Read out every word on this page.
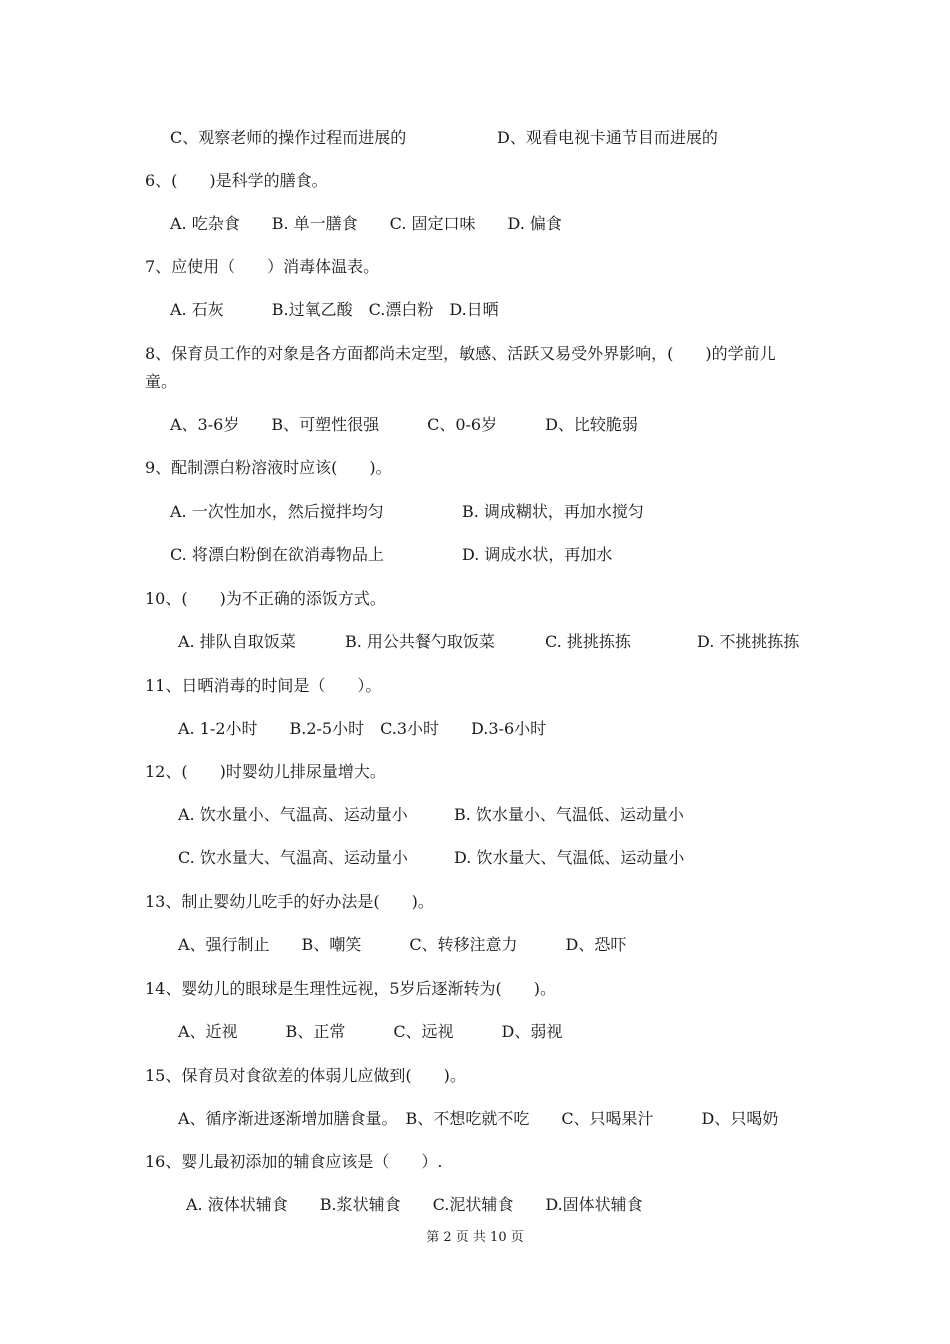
C、观察老师的操作过程而进展的	D、观看电视卡通节目而进展的
6、(　　)是科学的膳食。
A. 吃杂食　　B. 单一膳食　　C. 固定口味　　D. 偏食
7、应使用（　　）消毒体温表。
A. 石灰　　　B.过氧乙酸　C.漂白粉　D.日晒
8、保育员工作的对象是各方面都尚未定型，敏感、活跃又易受外界影响，(　　)的学前儿
童。
A、3-6岁　　B、可塑性很强　　　C、0-6岁　　　D、比较脆弱
9、配制漂白粉溶液时应该(　　)。
A. 一次性加水，然后搅拌均匀	B. 调成糊状，再加水搅匀
C. 将漂白粉倒在欲消毒物品上	D. 调成水状，再加水
10、(　　)为不正确的添饭方式。
A. 排队自取饭菜	B. 用公共餐勺取饭菜	C. 挑挑拣拣	D. 不挑挑拣拣
11、日晒消毒的时间是（　　）。
A. 1-2小时　　B.2-5小时　C.3小时　　D.3-6小时
12、(　　)时婴幼儿排尿量增大。
A. 饮水量小、气温高、运动量小	B. 饮水量小、气温低、运动量小
C. 饮水量大、气温高、运动量小	D. 饮水量大、气温低、运动量小
13、制止婴幼儿吃手的好办法是(　　)。
A、强行制止　　B、嘲笑　　　C、转移注意力　　　D、恐吓
14、婴幼儿的眼球是生理性远视，5岁后逐渐转为(　　)。
A、近视　　　B、正常　　　C、远视　　　D、弱视
15、保育员对食欲差的体弱儿应做到(　　)。
A、循序渐进逐渐增加膳食量。　B、不想吃就不吃　　C、只喝果汁　　　D、只喝奶
16、婴儿最初添加的辅食应该是（　　）.
A. 液体状辅食　　B.浆状辅食　　C.泥状辅食　　D.固体状辅食
第 2 页 共 10 页
